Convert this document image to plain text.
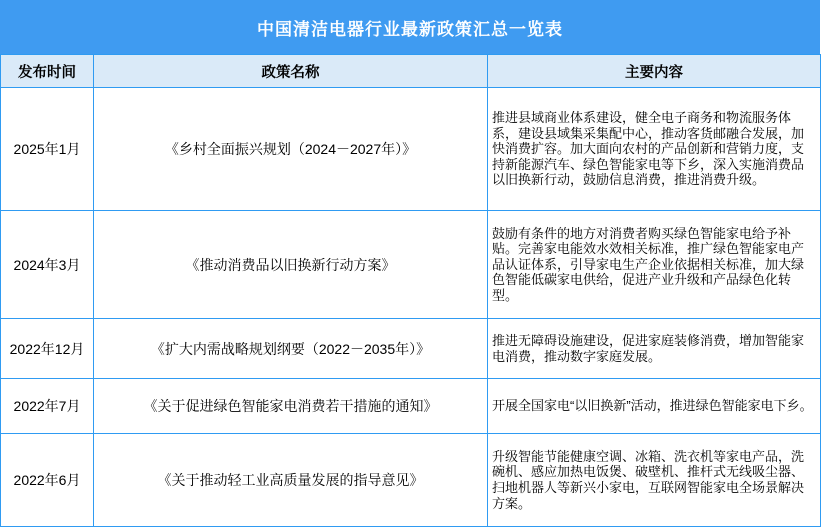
中国清洁电器行业最新政策汇总一览表
发布时间	政策名称	主要内容
2025年1月	《乡村全面振兴规划（2024－2027年）》	推进县域商业体系建设，健全电子商务和物流服务体系，建设县域集采集配中心，推动客货邮融合发展，加快消费扩容。加大面向农村的产品创新和营销力度，支持新能源汽车、绿色智能家电等下乡，深入实施消费品以旧换新行动，鼓励信息消费，推进消费升级。
2024年3月	《推动消费品以旧换新行动方案》	鼓励有条件的地方对消费者购买绿色智能家电给予补贴。完善家电能效水效相关标准，推广绿色智能家电产品认证体系，引导家电生产企业依据相关标准，加大绿色智能低碳家电供给，促进产业升级和产品绿色化转型。
2022年12月	《扩大内需战略规划纲要（2022－2035年）》	推进无障碍设施建设，促进家庭装修消费，增加智能家电消费，推动数字家庭发展。
2022年7月	《关于促进绿色智能家电消费若干措施的通知》	开展全国家电“以旧换新”活动，推进绿色智能家电下乡。
2022年6月	《关于推动轻工业高质量发展的指导意见》	升级智能节能健康空调、冰箱、洗衣机等家电产品，洗碗机、感应加热电饭煲、破壁机、推杆式无线吸尘器、扫地机器人等新兴小家电，互联网智能家电全场景解决方案。
